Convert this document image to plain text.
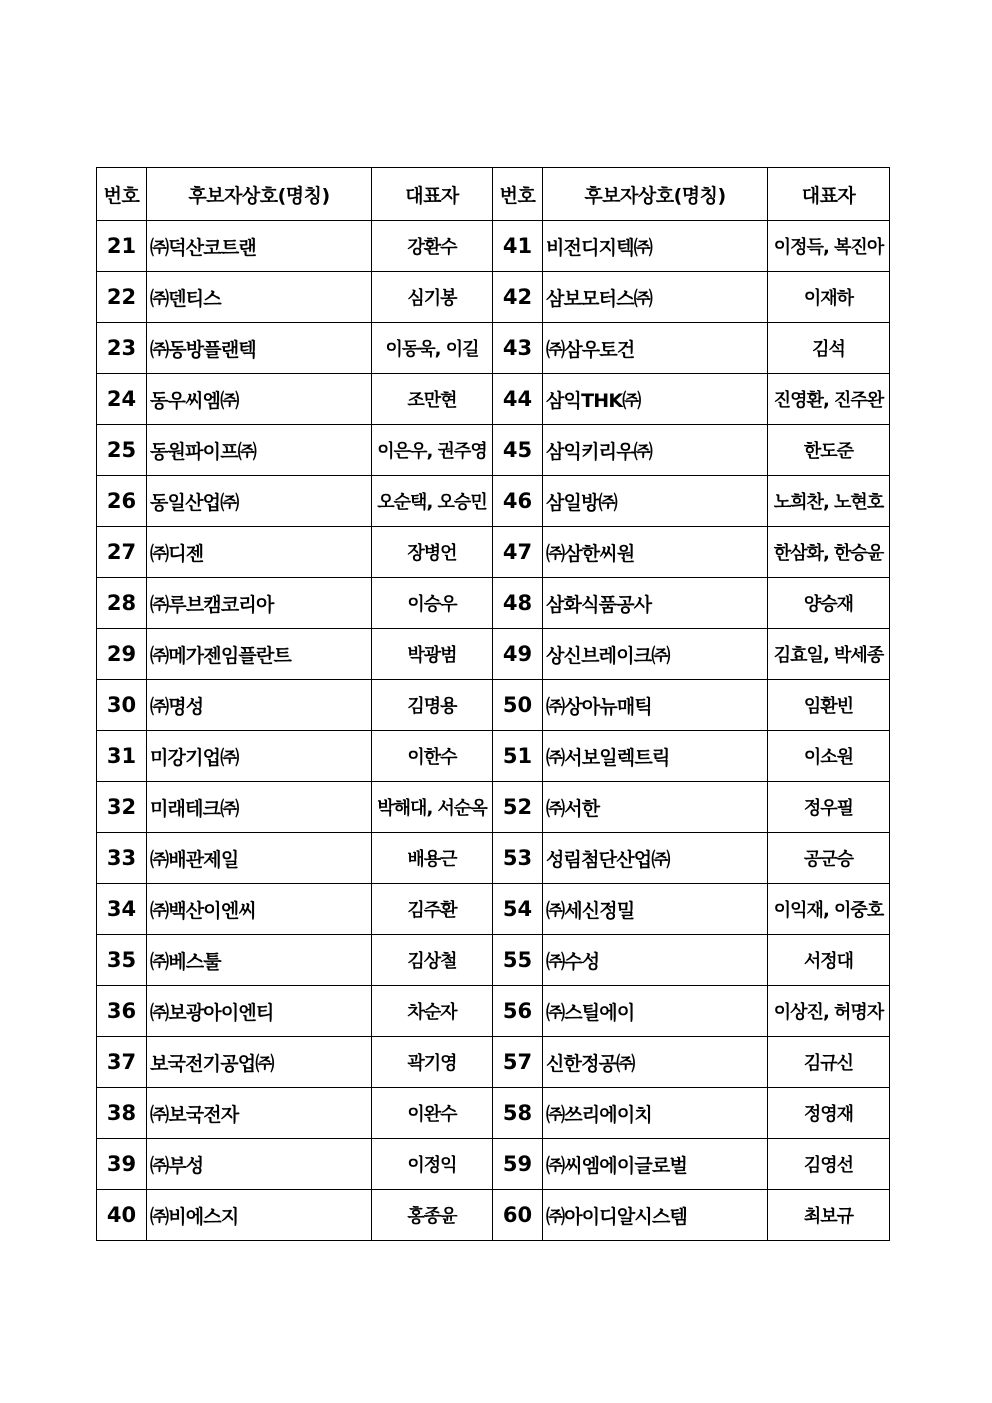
번호	후보자상호(명칭)	대표자	번호	후보자상호(명칭)	대표자
21	㈜덕산코트랜	강환수	41	비전디지텍㈜	이정득, 복진아
22	㈜덴티스	심기봉	42	삼보모터스㈜	이재하
23	㈜동방플랜텍	이동욱, 이길	43	㈜삼우토건	김석
24	동우씨엠㈜	조만현	44	삼익THK㈜	진영환, 진주완
25	동원파이프㈜	이은우, 권주영	45	삼익키리우㈜	한도준
26	동일산업㈜	오순택, 오승민	46	삼일방㈜	노희찬, 노현호
27	㈜디젠	장병언	47	㈜삼한씨원	한삼화, 한승윤
28	㈜루브캠코리아	이승우	48	삼화식품공사	양승재
29	㈜메가젠임플란트	박광범	49	상신브레이크㈜	김효일, 박세종
30	㈜명성	김명용	50	㈜상아뉴매틱	임환빈
31	미강기업㈜	이한수	51	㈜서보일렉트릭	이소원
32	미래테크㈜	박해대, 서순옥	52	㈜서한	정우필
33	㈜배관제일	배용근	53	성림첨단산업㈜	공군승
34	㈜백산이엔씨	김주환	54	㈜세신정밀	이익재, 이중호
35	㈜베스툴	김상철	55	㈜수성	서정대
36	㈜보광아이엔티	차순자	56	㈜스틸에이	이상진, 허명자
37	보국전기공업㈜	곽기영	57	신한정공㈜	김규신
38	㈜보국전자	이완수	58	㈜쓰리에이치	정영재
39	㈜부성	이정익	59	㈜씨엠에이글로벌	김영선
40	㈜비에스지	홍종윤	60	㈜아이디알시스템	최보규
